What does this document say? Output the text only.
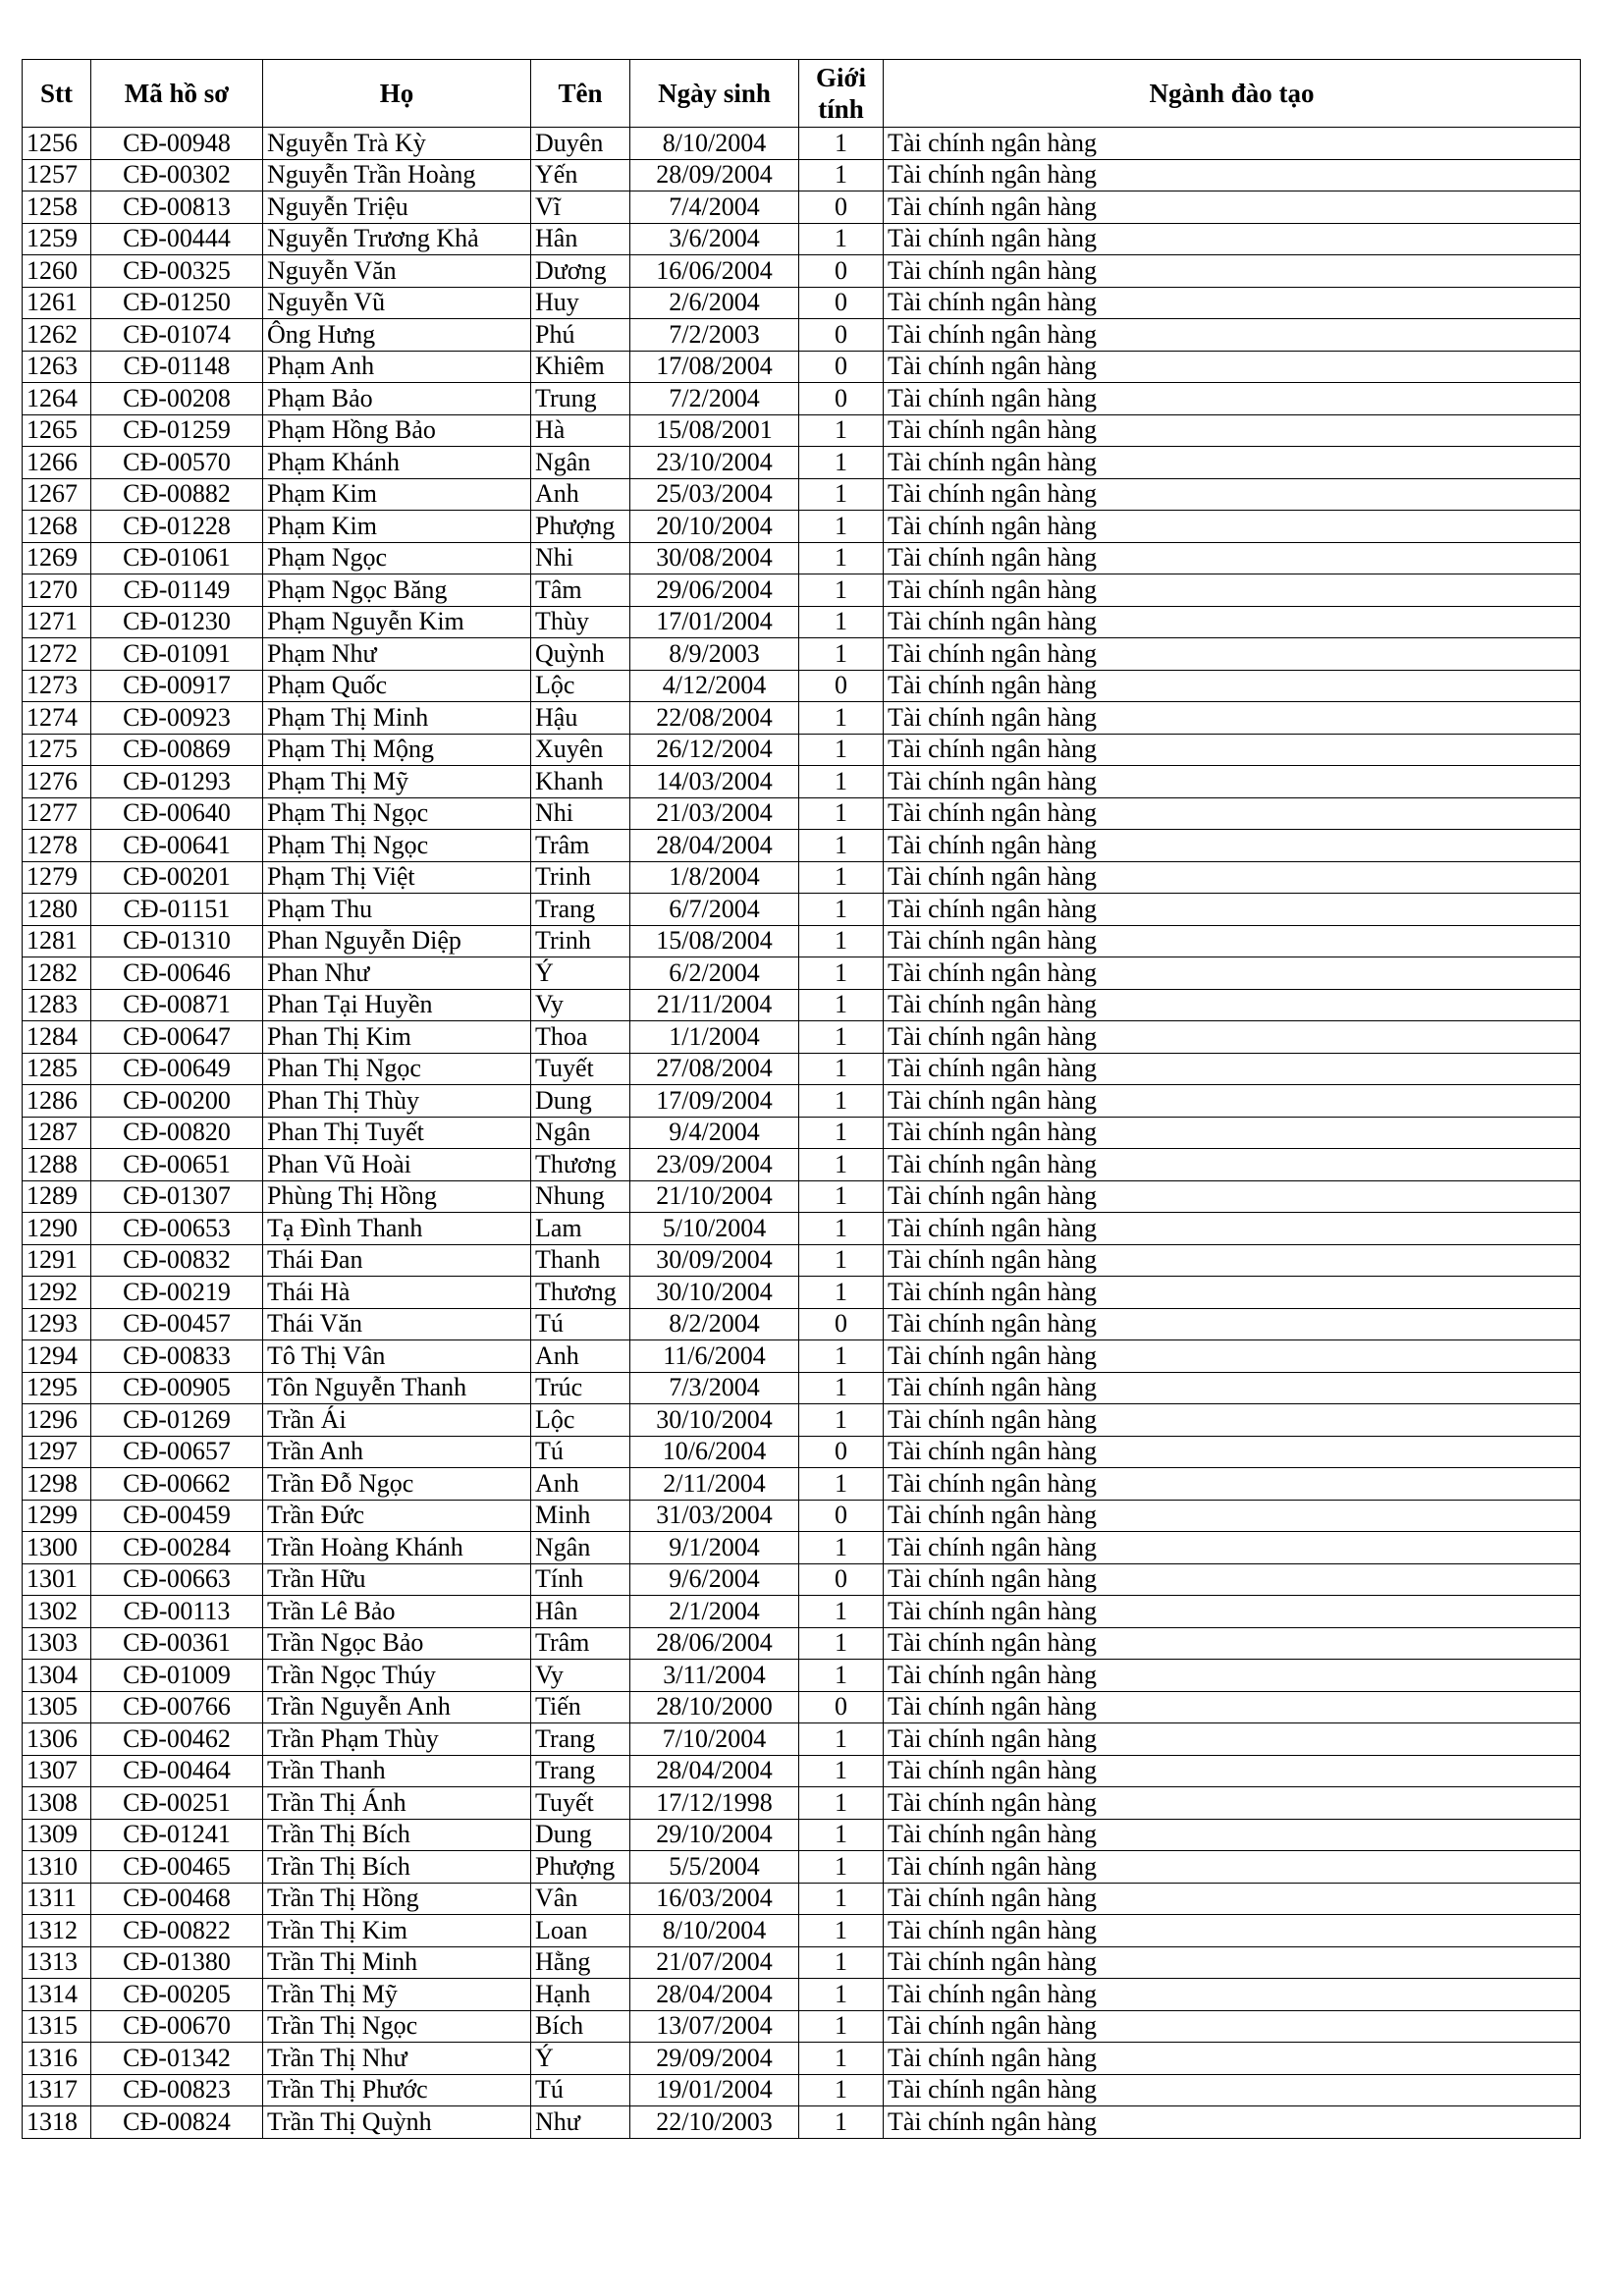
Stt	Mã hồ sơ	Họ	Tên	Ngày sinh	Giới tính	Ngành đào tạo
1256	CĐ-00948	Nguyễn Trà Kỳ	Duyên	8/10/2004	1	Tài chính ngân hàng
1257	CĐ-00302	Nguyễn Trần Hoàng	Yến	28/09/2004	1	Tài chính ngân hàng
1258	CĐ-00813	Nguyễn Triệu	Vĩ	7/4/2004	0	Tài chính ngân hàng
1259	CĐ-00444	Nguyễn Trương Khả	Hân	3/6/2004	1	Tài chính ngân hàng
1260	CĐ-00325	Nguyễn Văn	Dương	16/06/2004	0	Tài chính ngân hàng
1261	CĐ-01250	Nguyễn Vũ	Huy	2/6/2004	0	Tài chính ngân hàng
1262	CĐ-01074	Ông Hưng	Phú	7/2/2003	0	Tài chính ngân hàng
1263	CĐ-01148	Phạm Anh	Khiêm	17/08/2004	0	Tài chính ngân hàng
1264	CĐ-00208	Phạm Bảo	Trung	7/2/2004	0	Tài chính ngân hàng
1265	CĐ-01259	Phạm Hồng Bảo	Hà	15/08/2001	1	Tài chính ngân hàng
1266	CĐ-00570	Phạm Khánh	Ngân	23/10/2004	1	Tài chính ngân hàng
1267	CĐ-00882	Phạm Kim	Anh	25/03/2004	1	Tài chính ngân hàng
1268	CĐ-01228	Phạm Kim	Phượng	20/10/2004	1	Tài chính ngân hàng
1269	CĐ-01061	Phạm Ngọc	Nhi	30/08/2004	1	Tài chính ngân hàng
1270	CĐ-01149	Phạm Ngọc Băng	Tâm	29/06/2004	1	Tài chính ngân hàng
1271	CĐ-01230	Phạm Nguyễn Kim	Thùy	17/01/2004	1	Tài chính ngân hàng
1272	CĐ-01091	Phạm Như	Quỳnh	8/9/2003	1	Tài chính ngân hàng
1273	CĐ-00917	Phạm Quốc	Lộc	4/12/2004	0	Tài chính ngân hàng
1274	CĐ-00923	Phạm Thị Minh	Hậu	22/08/2004	1	Tài chính ngân hàng
1275	CĐ-00869	Phạm Thị Mộng	Xuyên	26/12/2004	1	Tài chính ngân hàng
1276	CĐ-01293	Phạm Thị Mỹ	Khanh	14/03/2004	1	Tài chính ngân hàng
1277	CĐ-00640	Phạm Thị Ngọc	Nhi	21/03/2004	1	Tài chính ngân hàng
1278	CĐ-00641	Phạm Thị Ngọc	Trâm	28/04/2004	1	Tài chính ngân hàng
1279	CĐ-00201	Phạm Thị Việt	Trinh	1/8/2004	1	Tài chính ngân hàng
1280	CĐ-01151	Phạm Thu	Trang	6/7/2004	1	Tài chính ngân hàng
1281	CĐ-01310	Phan Nguyễn Diệp	Trinh	15/08/2004	1	Tài chính ngân hàng
1282	CĐ-00646	Phan Như	Ý	6/2/2004	1	Tài chính ngân hàng
1283	CĐ-00871	Phan Tại Huyền	Vy	21/11/2004	1	Tài chính ngân hàng
1284	CĐ-00647	Phan Thị Kim	Thoa	1/1/2004	1	Tài chính ngân hàng
1285	CĐ-00649	Phan Thị Ngọc	Tuyết	27/08/2004	1	Tài chính ngân hàng
1286	CĐ-00200	Phan Thị Thùy	Dung	17/09/2004	1	Tài chính ngân hàng
1287	CĐ-00820	Phan Thị Tuyết	Ngân	9/4/2004	1	Tài chính ngân hàng
1288	CĐ-00651	Phan Vũ Hoài	Thương	23/09/2004	1	Tài chính ngân hàng
1289	CĐ-01307	Phùng Thị Hồng	Nhung	21/10/2004	1	Tài chính ngân hàng
1290	CĐ-00653	Tạ Đình Thanh	Lam	5/10/2004	1	Tài chính ngân hàng
1291	CĐ-00832	Thái Đan	Thanh	30/09/2004	1	Tài chính ngân hàng
1292	CĐ-00219	Thái Hà	Thương	30/10/2004	1	Tài chính ngân hàng
1293	CĐ-00457	Thái Văn	Tú	8/2/2004	0	Tài chính ngân hàng
1294	CĐ-00833	Tô Thị Vân	Anh	11/6/2004	1	Tài chính ngân hàng
1295	CĐ-00905	Tôn Nguyễn Thanh	Trúc	7/3/2004	1	Tài chính ngân hàng
1296	CĐ-01269	Trần Ái	Lộc	30/10/2004	1	Tài chính ngân hàng
1297	CĐ-00657	Trần Anh	Tú	10/6/2004	0	Tài chính ngân hàng
1298	CĐ-00662	Trần Đỗ Ngọc	Anh	2/11/2004	1	Tài chính ngân hàng
1299	CĐ-00459	Trần Đức	Minh	31/03/2004	0	Tài chính ngân hàng
1300	CĐ-00284	Trần Hoàng Khánh	Ngân	9/1/2004	1	Tài chính ngân hàng
1301	CĐ-00663	Trần Hữu	Tính	9/6/2004	0	Tài chính ngân hàng
1302	CĐ-00113	Trần Lê Bảo	Hân	2/1/2004	1	Tài chính ngân hàng
1303	CĐ-00361	Trần Ngọc Bảo	Trâm	28/06/2004	1	Tài chính ngân hàng
1304	CĐ-01009	Trần Ngọc Thúy	Vy	3/11/2004	1	Tài chính ngân hàng
1305	CĐ-00766	Trần Nguyễn Anh	Tiến	28/10/2000	0	Tài chính ngân hàng
1306	CĐ-00462	Trần Phạm Thùy	Trang	7/10/2004	1	Tài chính ngân hàng
1307	CĐ-00464	Trần Thanh	Trang	28/04/2004	1	Tài chính ngân hàng
1308	CĐ-00251	Trần Thị Ánh	Tuyết	17/12/1998	1	Tài chính ngân hàng
1309	CĐ-01241	Trần Thị Bích	Dung	29/10/2004	1	Tài chính ngân hàng
1310	CĐ-00465	Trần Thị Bích	Phượng	5/5/2004	1	Tài chính ngân hàng
1311	CĐ-00468	Trần Thị Hồng	Vân	16/03/2004	1	Tài chính ngân hàng
1312	CĐ-00822	Trần Thị Kim	Loan	8/10/2004	1	Tài chính ngân hàng
1313	CĐ-01380	Trần Thị Minh	Hằng	21/07/2004	1	Tài chính ngân hàng
1314	CĐ-00205	Trần Thị Mỹ	Hạnh	28/04/2004	1	Tài chính ngân hàng
1315	CĐ-00670	Trần Thị Ngọc	Bích	13/07/2004	1	Tài chính ngân hàng
1316	CĐ-01342	Trần Thị Như	Ý	29/09/2004	1	Tài chính ngân hàng
1317	CĐ-00823	Trần Thị Phước	Tú	19/01/2004	1	Tài chính ngân hàng
1318	CĐ-00824	Trần Thị Quỳnh	Như	22/10/2003	1	Tài chính ngân hàng
